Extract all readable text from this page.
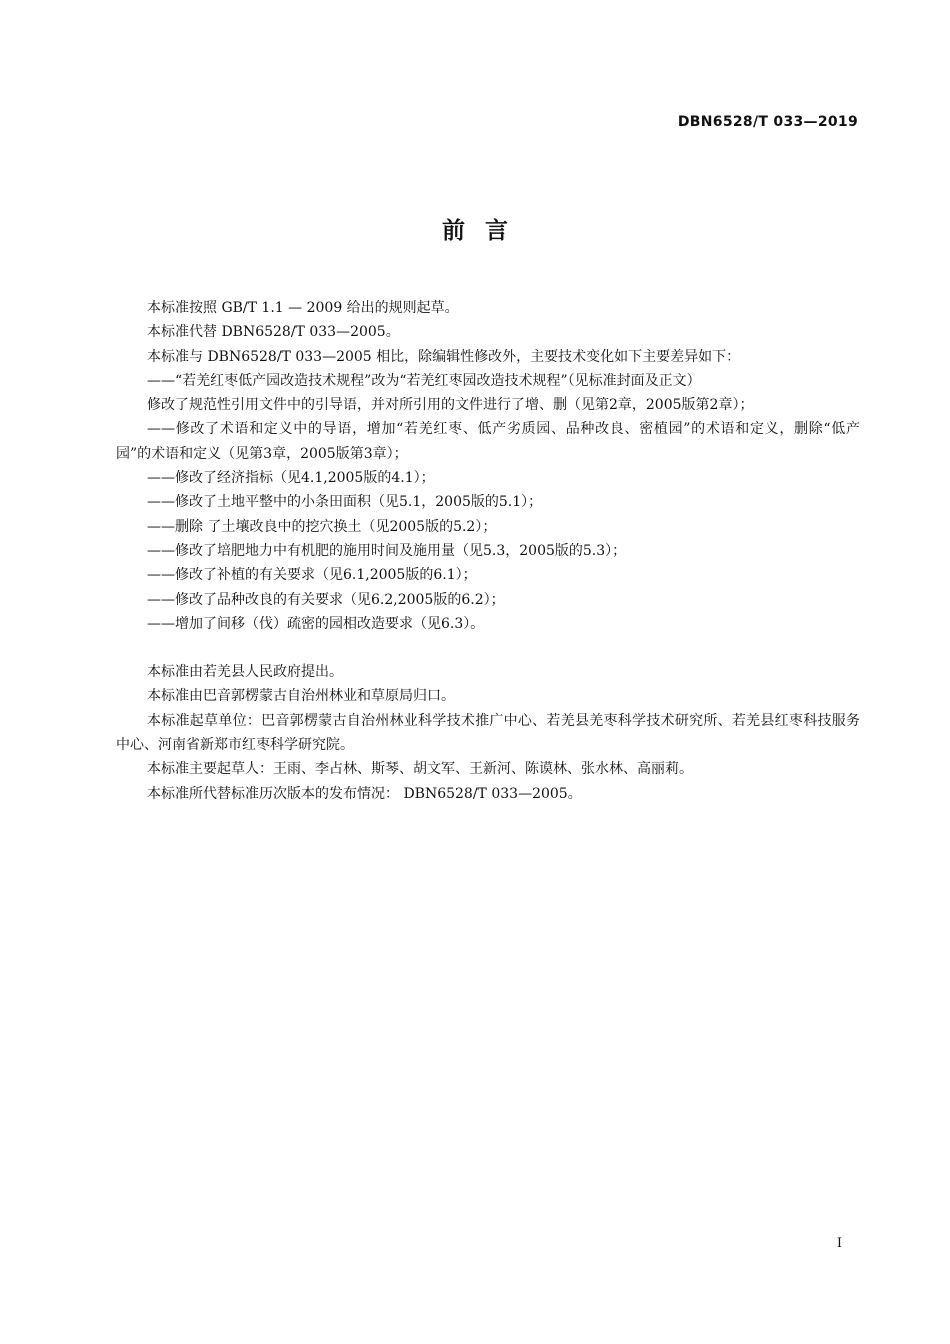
DBN6528/T 033—2019
前言

本标准按照 GB/T 1.1 — 2009 给出的规则起草。

本标准代替 DBN6528/T 033—2005。

本标准与 DBN6528/T 033—2005 相比，除编辑性修改外，主要技术变化如下主要差异如下：

——“若羌红枣低产园改造技术规程”改为“若羌红枣园改造技术规程”（见标准封面及正文）

修改了规范性引用文件中的引导语，并对所引用的文件进行了增、删（见第2章，2005版第2章）；

——修改了术语和定义中的导语，增加“若羌红枣、低产劣质园、品种改良、密植园”的术语和定义，删除“低产园”的术语和定义（见第3章，2005版第3章）；

——修改了经济指标（见4.1,2005版的4.1）；

——修改了土地平整中的小条田面积（见5.1，2005版的5.1）；

——删除 了土壤改良中的挖穴换土（见2005版的5.2）；

——修改了培肥地力中有机肥的施用时间及施用量（见5.3，2005版的5.3）；

——修改了补植的有关要求（见6.1,2005版的6.1）；

——修改了品种改良的有关要求（见6.2,2005版的6.2）；

——增加了间移（伐）疏密的园相改造要求（见6.3）。

本标准由若羌县人民政府提出。

本标准由巴音郭楞蒙古自治州林业和草原局归口。

本标准起草单位：巴音郭楞蒙古自治州林业科学技术推广中心、若羌县羌枣科学技术研究所、若羌县红枣科技服务中心、河南省新郑市红枣科学研究院。

本标准主要起草人：王雨、李占林、斯琴、胡文军、王新河、陈谟林、张水林、高丽莉。

本标准所代替标准历次版本的发布情况： DBN6528/T 033—2005。

I
